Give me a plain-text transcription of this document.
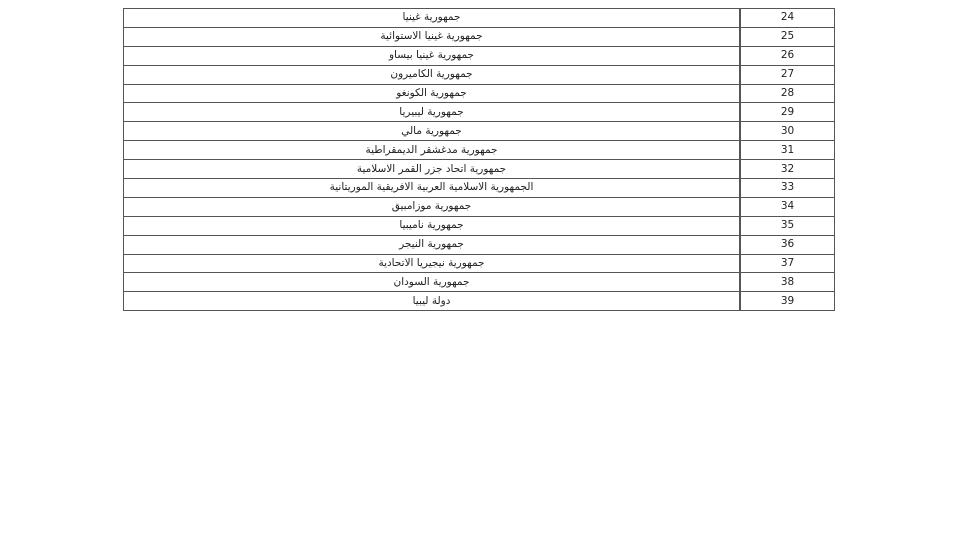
جمهورية غينيا	24
جمهورية غينيا الاستوائية	25
جمهورية غينيا بيساو	26
جمهورية الكاميرون	27
جمهورية الكونغو	28
جمهورية ليبيريا	29
جمهورية مالي	30
جمهورية مدغشقر الديمقراطية	31
جمهورية اتحاد جزر القمر الاسلامية	32
الجمهورية الاسلامية العربية الافريقية الموريتانية	33
جمهورية موزامبيق	34
جمهورية ناميبيا	35
جمهورية النيجر	36
جمهورية نيجيريا الاتحادية	37
جمهورية السودان	38
دولة ليبيا	39
